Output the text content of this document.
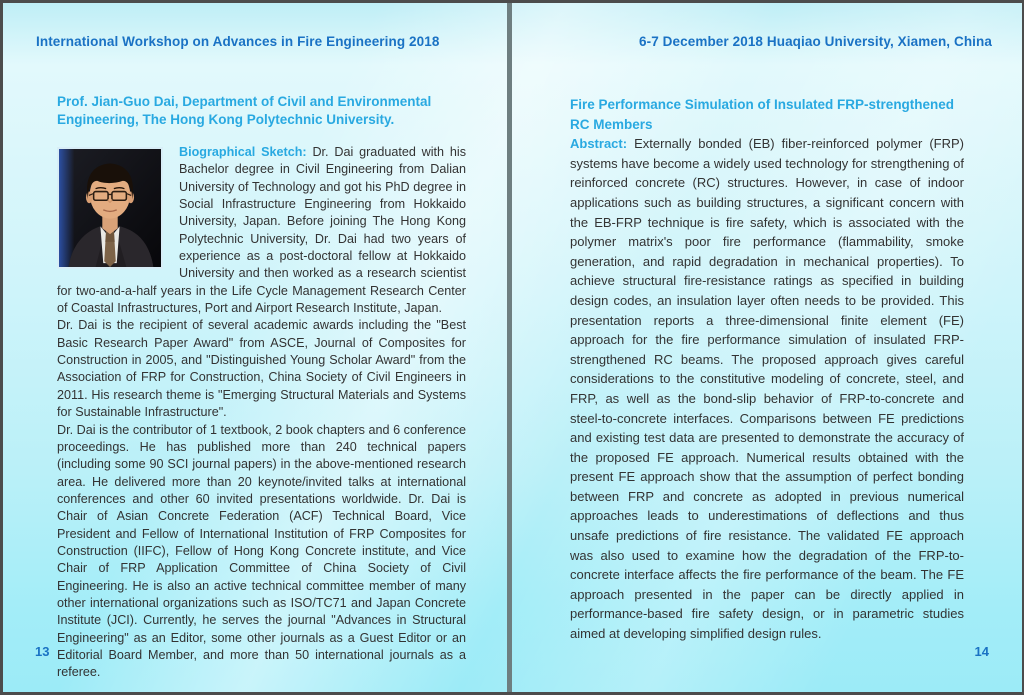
International Workshop on Advances in Fire Engineering 2018

Prof. Jian-Guo Dai, Department of Civil and Environmental Engineering, The Hong Kong Polytechnic University.

Biographical Sketch: Dr. Dai graduated with his Bachelor degree in Civil Engineering from Dalian University of Technology and got his PhD degree in Social Infrastructure Engineering from Hokkaido University, Japan. Before joining The Hong Kong Polytechnic University, Dr. Dai had two years of experience as a post-doctoral fellow at Hokkaido University and then worked as a research scientist for two-and-a-half years in the Life Cycle Management Research Center of Coastal Infrastructures, Port and Airport Research Institute, Japan.

Dr. Dai is the recipient of several academic awards including the "Best Basic Research Paper Award" from ASCE, Journal of Composites for Construction in 2005, and "Distinguished Young Scholar Award" from the Association of FRP for Construction, China Society of Civil Engineers in 2011. His research theme is "Emerging Structural Materials and Systems for Sustainable Infrastructure".

Dr. Dai is the contributor of 1 textbook, 2 book chapters and 6 conference proceedings. He has published more than 240 technical papers (including some 90 SCI journal papers) in the above-mentioned research area. He delivered more than 20 keynote/invited talks at international conferences and other 60 invited presentations worldwide. Dr. Dai is Chair of Asian Concrete Federation (ACF) Technical Board, Vice President and Fellow of International Institution of FRP Composites for Construction (IIFC), Fellow of Hong Kong Concrete institute, and Vice Chair of FRP Application Committee of China Society of Civil Engineering. He is also an active technical committee member of many other international organizations such as ISO/TC71 and Japan Concrete Institute (JCI). Currently, he serves the journal "Advances in Structural Engineering" as an Editor, some other journals as a Guest Editor or an Editorial Board Member, and more than 50 international journals as a referee.

13
6-7 December 2018 Huaqiao University, Xiamen, China

Fire Performance Simulation of Insulated FRP-strengthened RC Members

Abstract: Externally bonded (EB) fiber-reinforced polymer (FRP) systems have become a widely used technology for strengthening of reinforced concrete (RC) structures. However, in case of indoor applications such as building structures, a significant concern with the EB-FRP technique is fire safety, which is associated with the polymer matrix's poor fire performance (flammability, smoke generation, and rapid degradation in mechanical properties). To achieve structural fire-resistance ratings as specified in building design codes, an insulation layer often needs to be provided. This presentation reports a three-dimensional finite element (FE) approach for the fire performance simulation of insulated FRP-strengthened RC beams. The proposed approach gives careful considerations to the constitutive modeling of concrete, steel, and FRP, as well as the bond-slip behavior of FRP-to-concrete and steel-to-concrete interfaces. Comparisons between FE predictions and existing test data are presented to demonstrate the accuracy of the proposed FE approach. Numerical results obtained with the present FE approach show that the assumption of perfect bonding between FRP and concrete as adopted in previous numerical approaches leads to underestimations of deflections and thus unsafe predictions of fire resistance. The validated FE approach was also used to examine how the degradation of the FRP-to-concrete interface affects the fire performance of the beam. The FE approach presented in the paper can be directly applied in performance-based fire safety design, or in parametric studies aimed at developing simplified design rules.

14
